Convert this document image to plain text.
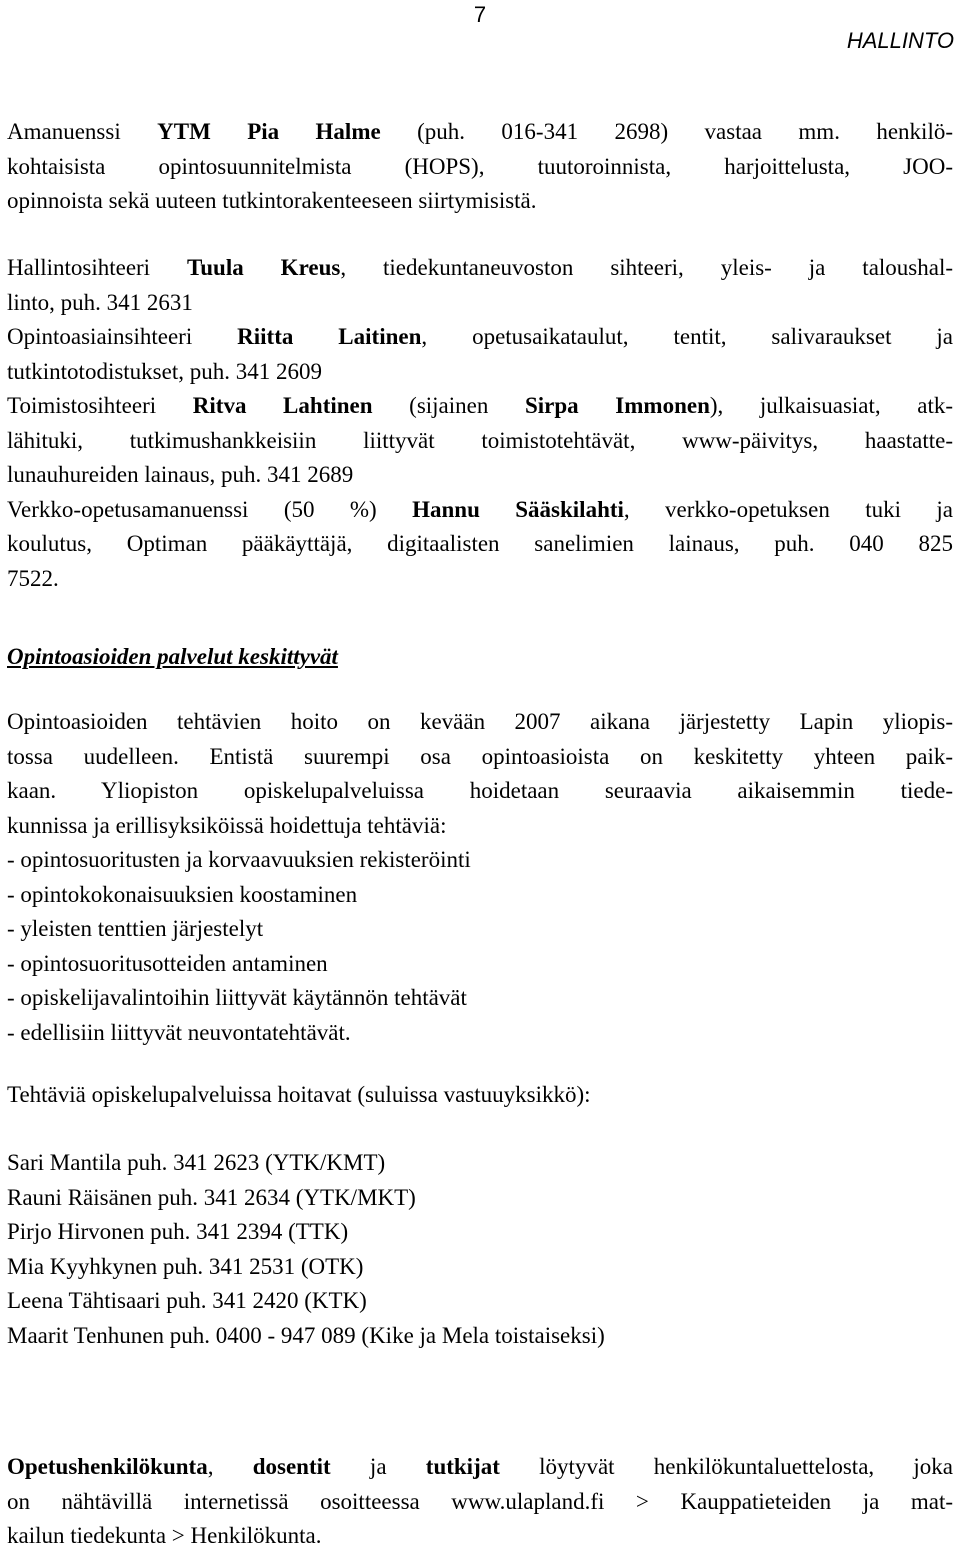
7
HALLINTO
Amanuenssi YTM Pia Halme (puh. 016-341 2698) vastaa mm. henkilö-
kohtaisista opintosuunnitelmista (HOPS), tuutoroinnista, harjoittelusta, JOO-
opinnoista sekä uuteen tutkintorakenteeseen siirtymisistä.
Hallintosihteeri Tuula Kreus, tiedekuntaneuvoston sihteeri, yleis- ja taloushal-
linto, puh. 341 2631
Opintoasiainsihteeri Riitta Laitinen, opetusaikataulut, tentit, salivaraukset ja
tutkintotodistukset, puh. 341 2609
Toimistosihteeri Ritva Lahtinen (sijainen Sirpa Immonen), julkaisuasiat, atk-
lähituki, tutkimushankkeisiin liittyvät toimistotehtävät, www-päivitys, haastatte-
lunauhureiden lainaus, puh. 341 2689
Verkko-opetusamanuenssi (50 %) Hannu Sääskilahti, verkko-opetuksen tuki ja
koulutus, Optiman pääkäyttäjä, digitaalisten sanelimien lainaus, puh. 040 825
7522.
Opintoasioiden palvelut keskittyvät
Opintoasioiden tehtävien hoito on kevään 2007 aikana järjestetty Lapin yliopis-
tossa uudelleen. Entistä suurempi osa opintoasioista on keskitetty yhteen paik-
kaan. Yliopiston opiskelupalveluissa hoidetaan seuraavia aikaisemmin tiede-
kunnissa ja erillisyksiköissä hoidettuja tehtäviä:
- opintosuoritusten ja korvaavuuksien rekisteröinti
- opintokokonaisuuksien koostaminen
- yleisten tenttien järjestelyt
- opintosuoritusotteiden antaminen
- opiskelijavalintoihin liittyvät käytännön tehtävät
- edellisiin liittyvät neuvontatehtävät.
Tehtäviä opiskelupalveluissa hoitavat (suluissa vastuuyksikkö):
Sari Mantila puh. 341 2623 (YTK/KMT)
Rauni Räisänen puh. 341 2634 (YTK/MKT)
Pirjo Hirvonen puh. 341 2394 (TTK)
Mia Kyyhkynen puh. 341 2531 (OTK)
Leena Tähtisaari puh. 341 2420 (KTK)
Maarit Tenhunen puh. 0400 - 947 089 (Kike ja Mela toistaiseksi)
Opetushenkilökunta, dosentit ja tutkijat löytyvät henkilökuntaluettelosta, joka
on nähtävillä internetissä osoitteessa www.ulapland.fi > Kauppatieteiden ja mat-
kailun tiedekunta > Henkilökunta.
